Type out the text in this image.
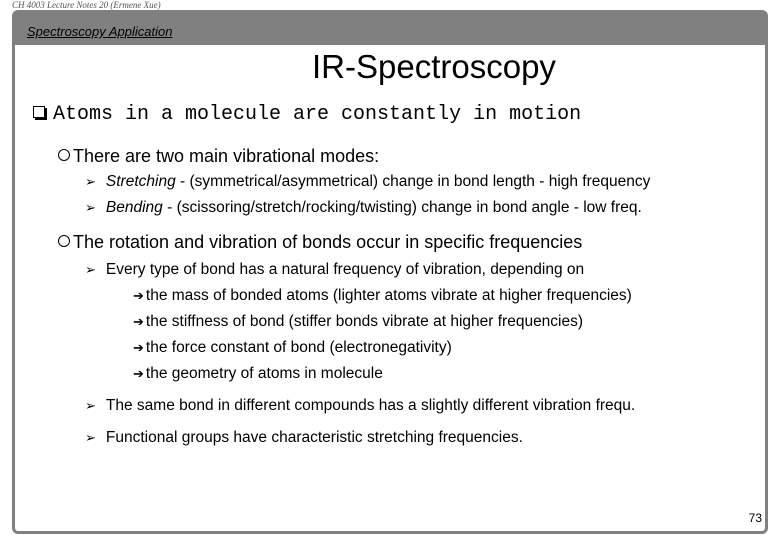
CH 4003 Lecture Notes 20 (Ermene Xue)
Spectroscopy Application
IR-Spectroscopy
73
Atoms in a molecule are constantly in motion
There are two main vibrational modes:
➢ Stretching - (symmetrical/asymmetrical) change in bond length - high frequency
➢ Bending - (scissoring/stretch/rocking/twisting) change in bond angle - low freq.
The rotation and vibration of bonds occur in specific frequencies
➢ Every type of bond has a natural frequency of vibration, depending on
➔ the mass of bonded atoms (lighter atoms vibrate at higher frequencies)
➔ the stiffness of bond (stiffer bonds vibrate at higher frequencies)
➔ the force constant of bond (electronegativity)
➔ the geometry of atoms in molecule
➢ The same bond in different compounds has a slightly different vibration frequ.
➢ Functional groups have characteristic stretching frequencies.
